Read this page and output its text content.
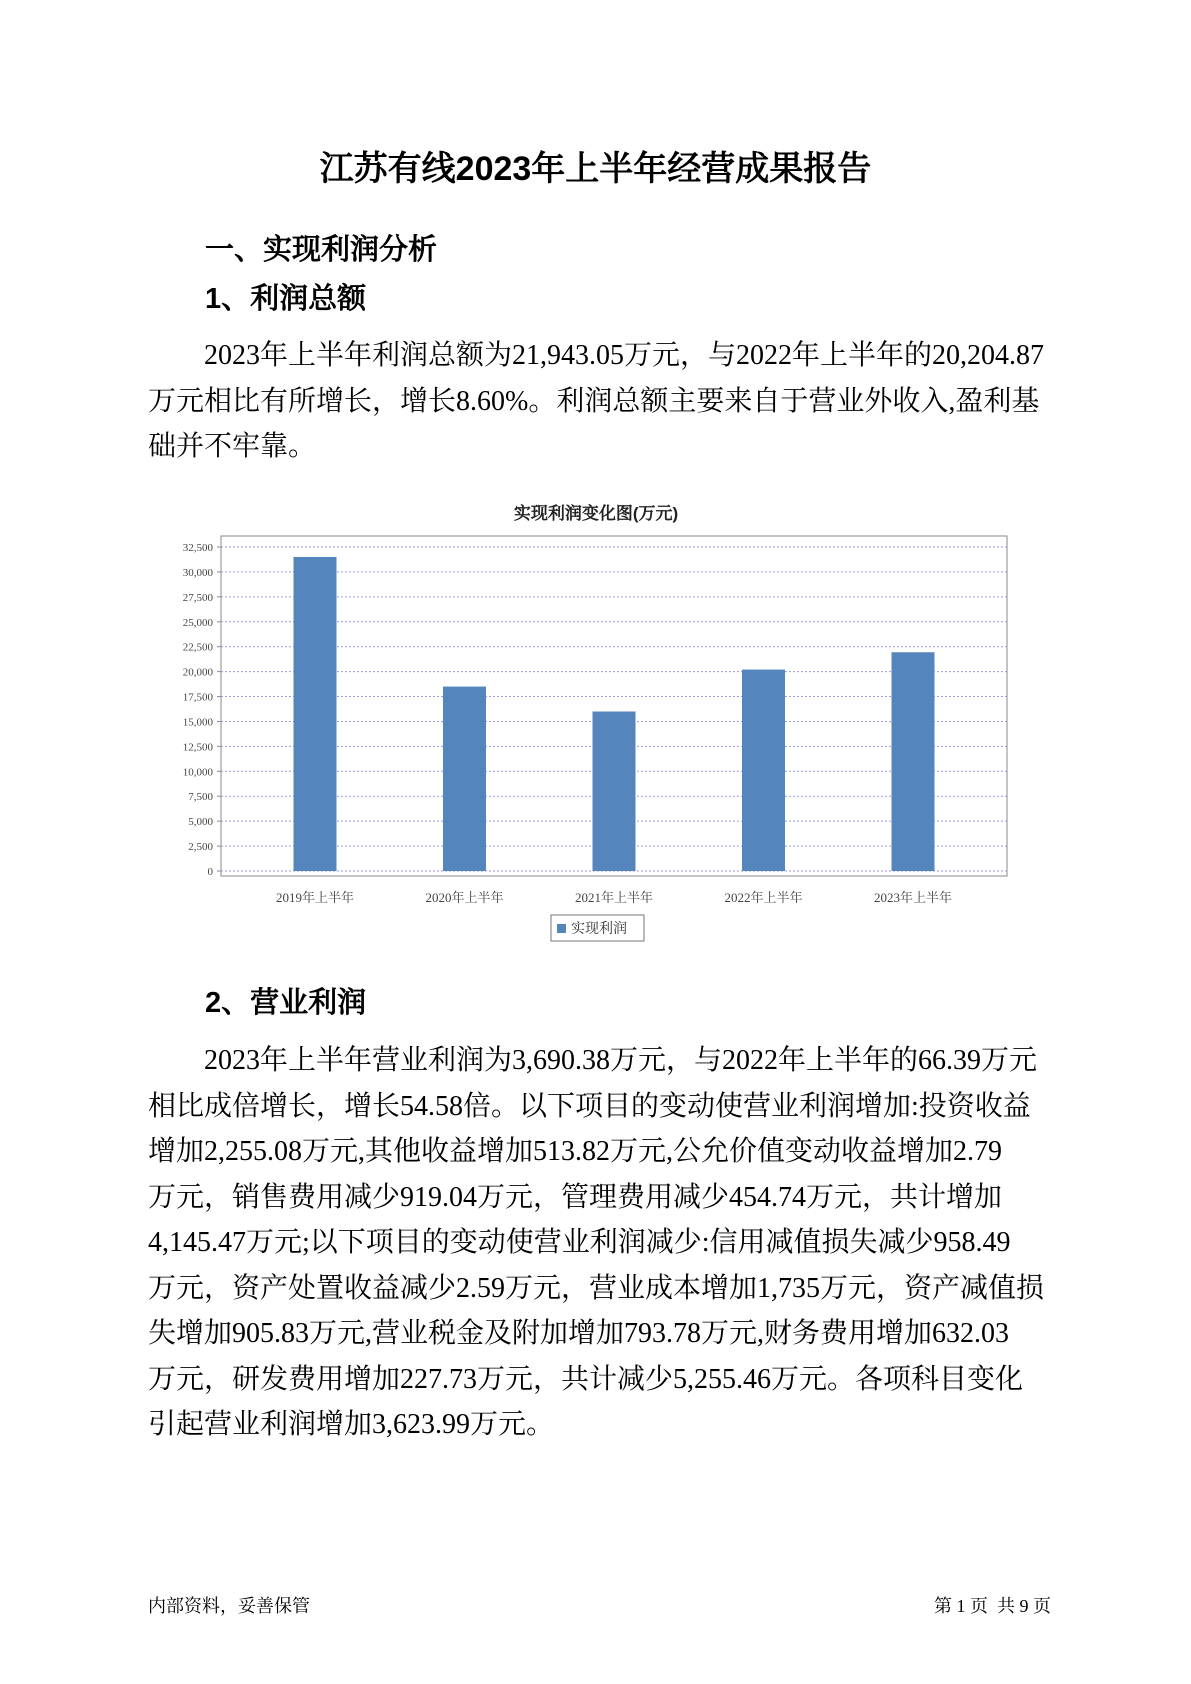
江苏有线2023年上半年经营成果报告
一、实现利润分析
1、利润总额
2023年上半年利润总额为21,943.05万元，与2022年上半年的20,204.87
万元相比有所增长，增长8.60%。利润总额主要来自于营业外收入,盈利基
础并不牢靠。
实现利润变化图(万元)
0
2,500
5,000
7,500
10,000
12,500
15,000
17,500
20,000
22,500
25,000
27,500
30,000
32,500
2019年上半年	2020年上半年	2021年上半年	2022年上半年	2023年上半年
实现利润
2、营业利润
2023年上半年营业利润为3,690.38万元，与2022年上半年的66.39万元
相比成倍增长，增长54.58倍。以下项目的变动使营业利润增加:投资收益
增加2,255.08万元,其他收益增加513.82万元,公允价值变动收益增加2.79
万元，销售费用减少919.04万元，管理费用减少454.74万元，共计增加
4,145.47万元;以下项目的变动使营业利润减少:信用减值损失减少958.49
万元，资产处置收益减少2.59万元，营业成本增加1,735万元，资产减值损
失增加905.83万元,营业税金及附加增加793.78万元,财务费用增加632.03
万元，研发费用增加227.73万元，共计减少5,255.46万元。各项科目变化
引起营业利润增加3,623.99万元。
内部资料，妥善保管	第 1 页  共 9 页
